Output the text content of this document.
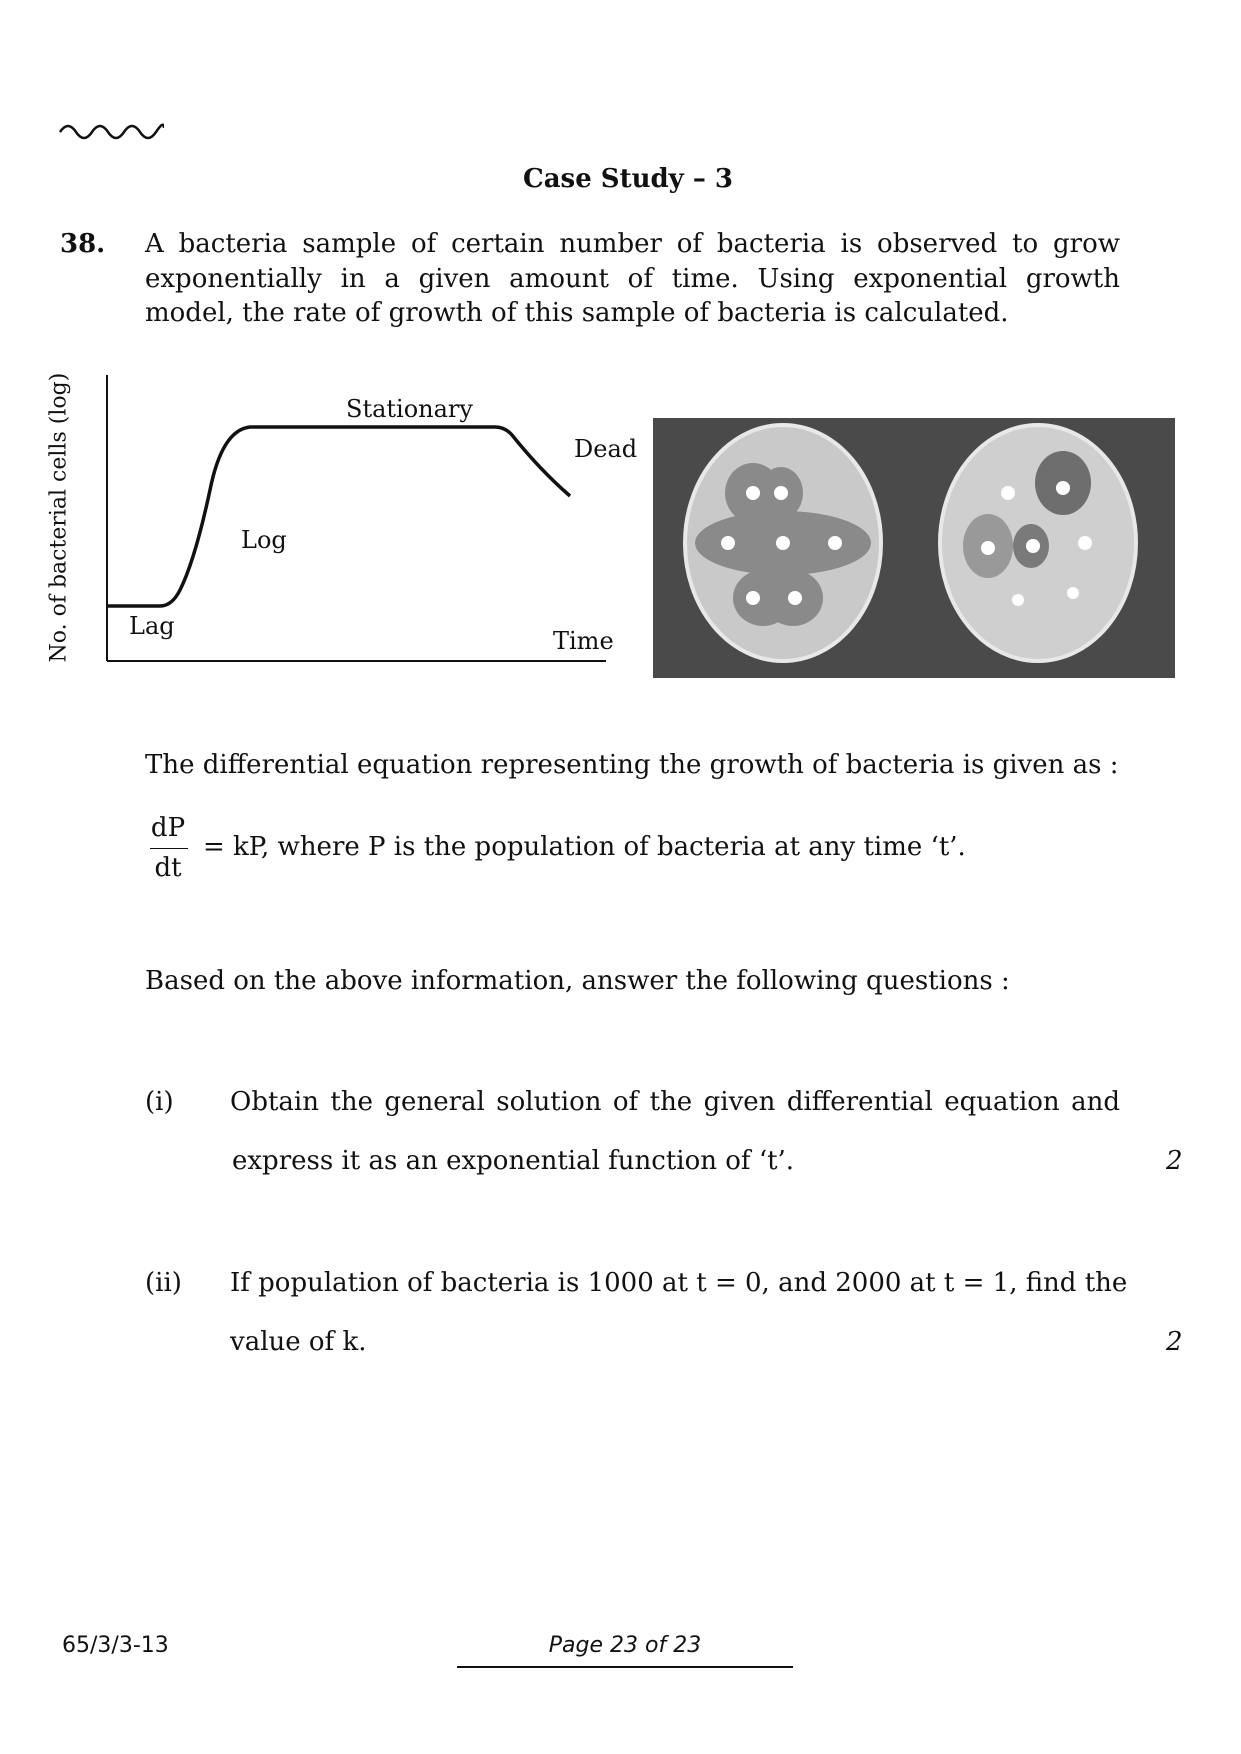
Case Study – 3
38. A bacteria sample of certain number of bacteria is observed to grow
exponentially in a given amount of time. Using exponential growth
model, the rate of growth of this sample of bacteria is calculated.
No. of bacterial cells (log) Lag
Log
Stationary
Dead
Time
The differential equation representing the growth of bacteria is given as :
dP
dt
= kP, where P is the population of bacteria at any time ‘t’.
Based on the above information, answer the following questions :
(i) Obtain the general solution of the given differential equation and
express it as an exponential function of ‘t’.	2
(ii) If population of bacteria is 1000 at t = 0, and 2000 at t = 1, find the
value of k.	2
65/3/3-13	Page 23 of 23
